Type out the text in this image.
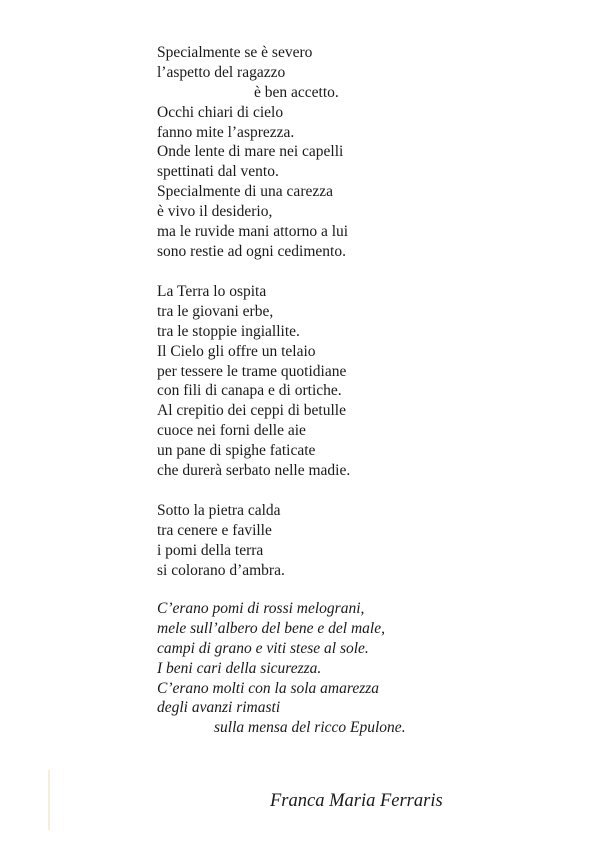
Specialmente se è severo
l’aspetto del ragazzo
è ben accetto.
Occhi chiari di cielo
fanno mite l’asprezza.
Onde lente di mare nei capelli
spettinati dal vento.
Specialmente di una carezza
è vivo il desiderio,
ma le ruvide mani attorno a lui
sono restie ad ogni cedimento.
La Terra lo ospita
tra le giovani erbe,
tra le stoppie ingiallite.
Il Cielo gli offre un telaio
per tessere le trame quotidiane
con fili di canapa e di ortiche.
Al crepitio dei ceppi di betulle
cuoce nei forni delle aie
un pane di spighe faticate
che durerà serbato nelle madie.
Sotto la pietra calda
tra cenere e faville
i pomi della terra
si colorano d’ambra.
C’erano pomi di rossi melograni,
mele sull’albero del bene e del male,
campi di grano e viti stese al sole.
I beni cari della sicurezza.
C’erano molti con la sola amarezza
degli avanzi rimasti
sulla mensa del ricco Epulone.
Franca Maria Ferraris
